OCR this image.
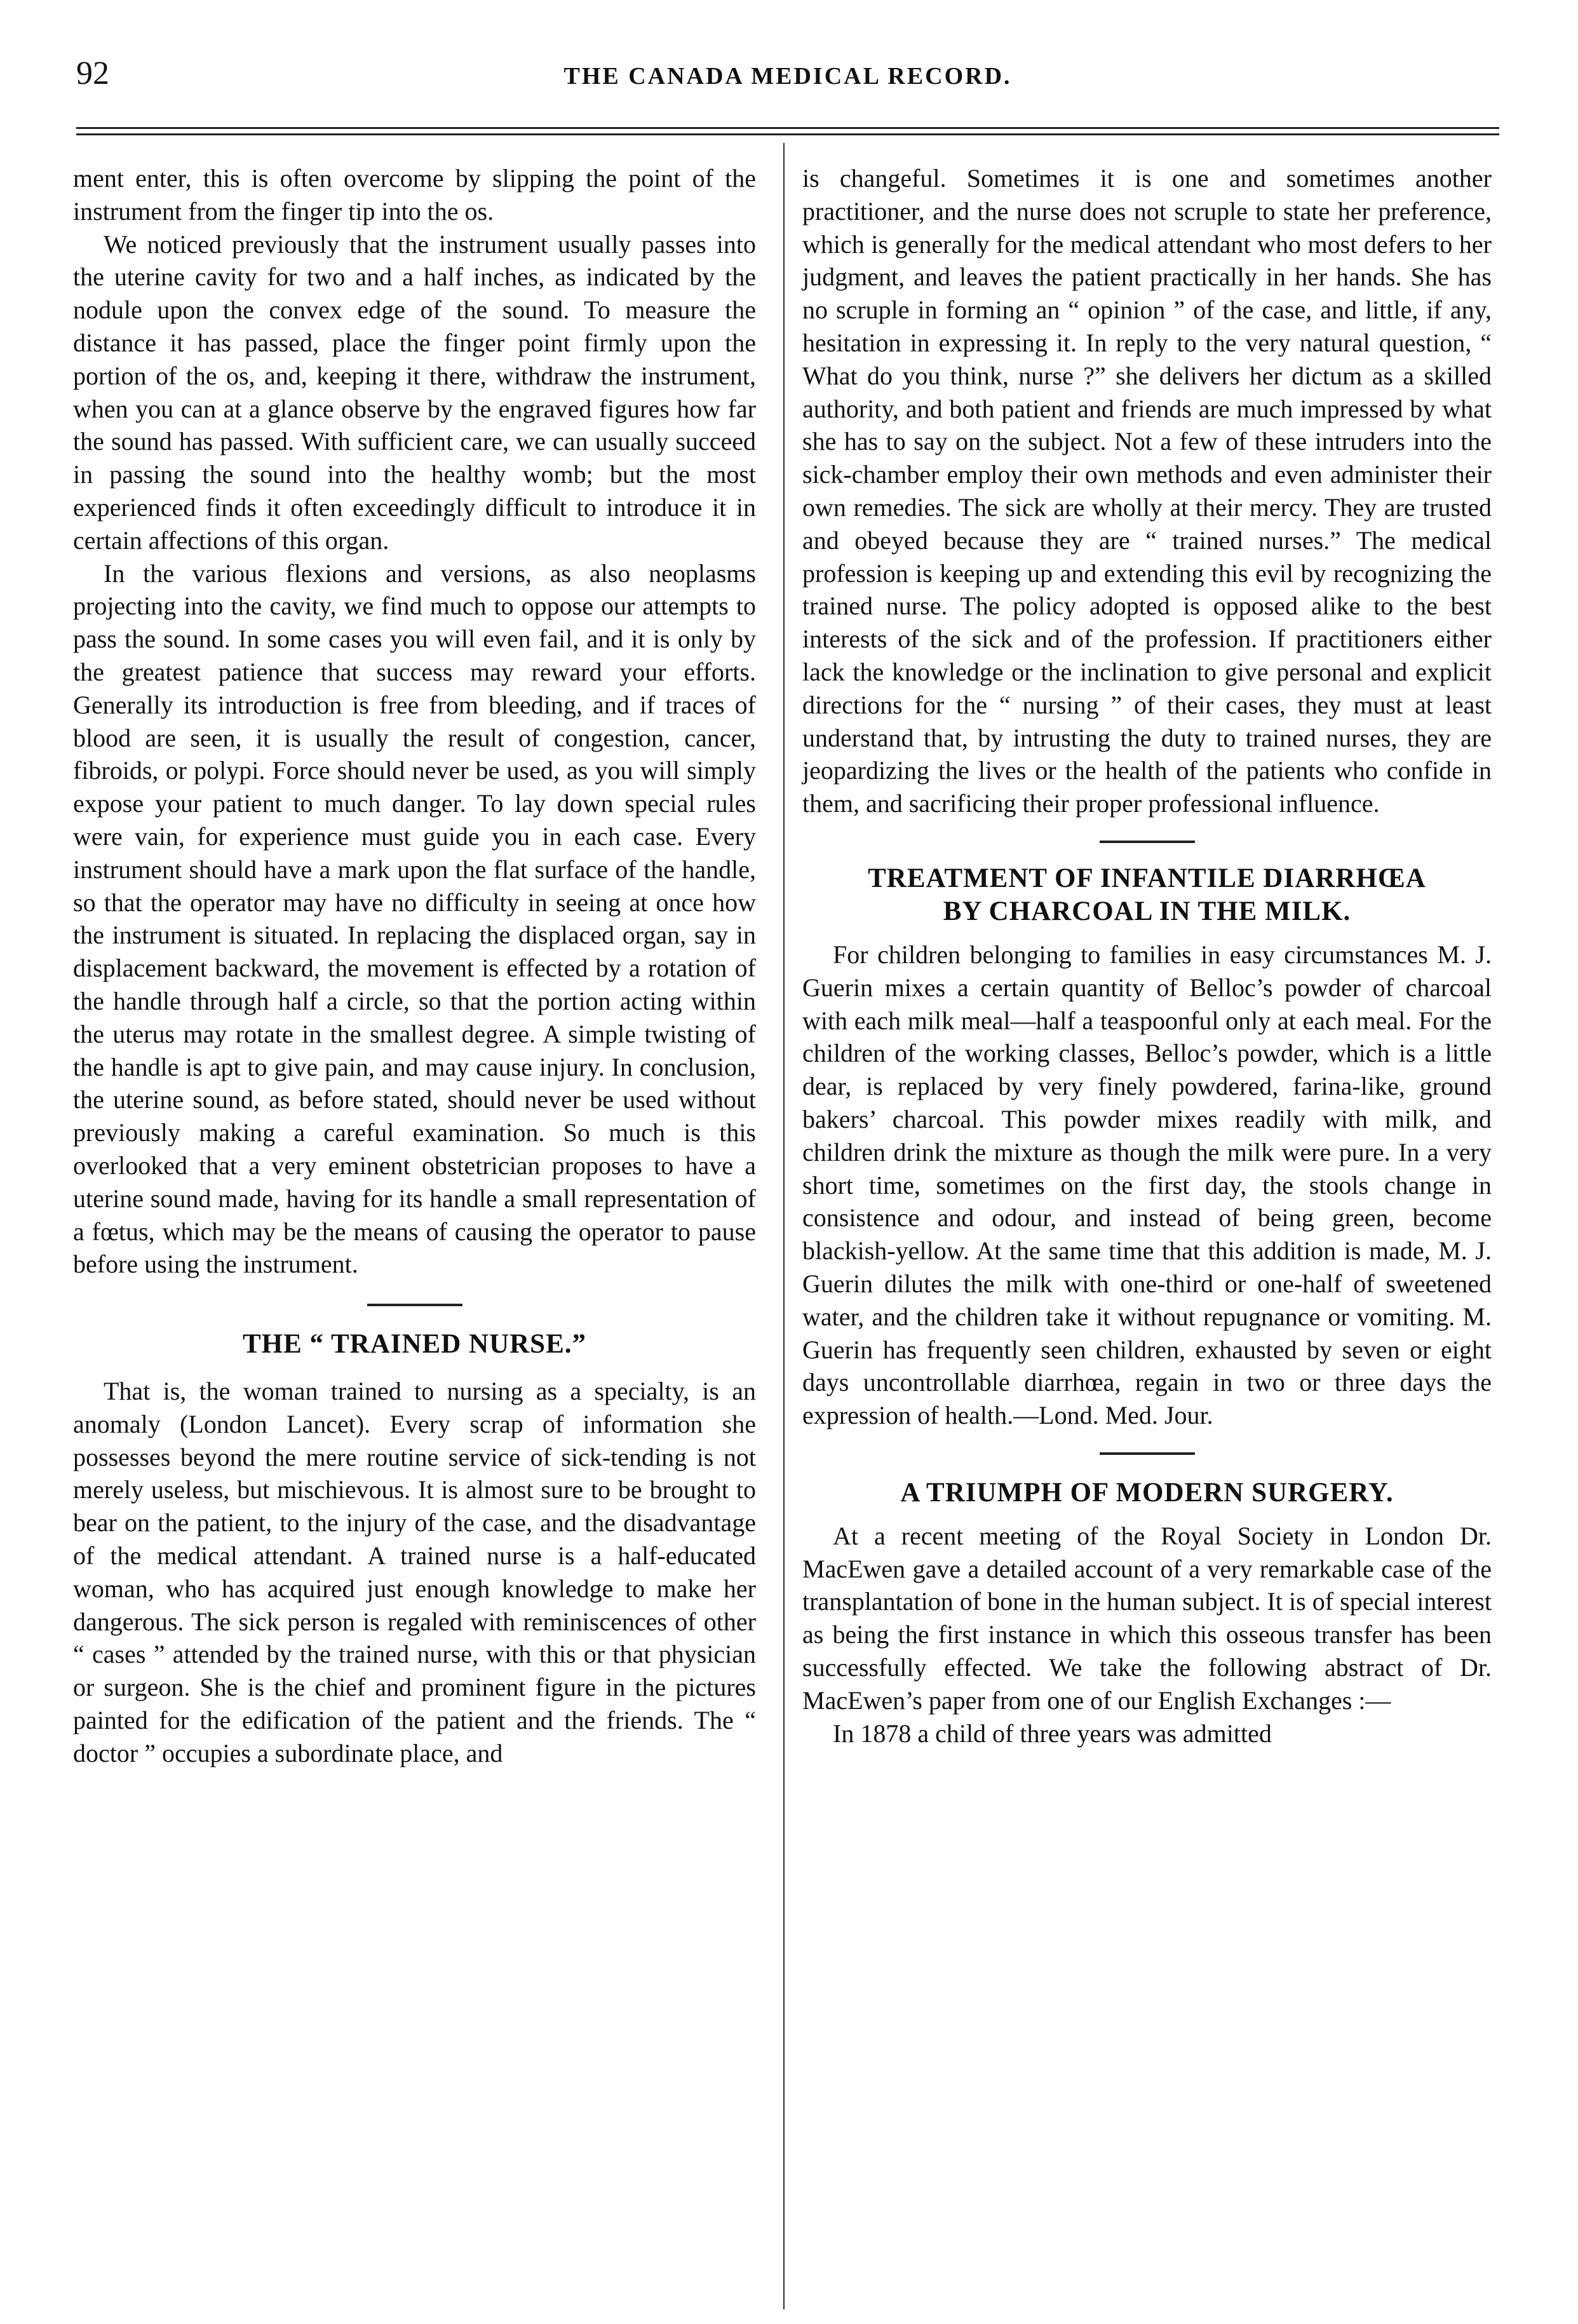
92	THE CANADA MEDICAL RECORD.

ment enter, this is often overcome by slipping the point of the instrument from the finger tip into the os.

We noticed previously that the instrument usually passes into the uterine cavity for two and a half inches, as indicated by the nodule upon the convex edge of the sound. To measure the distance it has passed, place the finger point firmly upon the portion of the os, and, keeping it there, withdraw the instrument, when you can at a glance observe by the engraved figures how far the sound has passed. With sufficient care, we can usually succeed in passing the sound into the healthy womb; but the most experienced finds it often exceedingly difficult to introduce it in certain affections of this organ.

In the various flexions and versions, as also neoplasms projecting into the cavity, we find much to oppose our attempts to pass the sound. In some cases you will even fail, and it is only by the greatest patience that success may reward your efforts. Generally its introduction is free from bleeding, and if traces of blood are seen, it is usually the result of congestion, cancer, fibroids, or polypi. Force should never be used, as you will simply expose your patient to much danger. To lay down special rules were vain, for experience must guide you in each case. Every instrument should have a mark upon the flat surface of the handle, so that the operator may have no difficulty in seeing at once how the instrument is situated. In replacing the displaced organ, say in displacement backward, the movement is effected by a rotation of the handle through half a circle, so that the portion acting within the uterus may rotate in the smallest degree. A simple twisting of the handle is apt to give pain, and may cause injury. In conclusion, the uterine sound, as before stated, should never be used without previously making a careful examination. So much is this overlooked that a very eminent obstetrician proposes to have a uterine sound made, having for its handle a small representation of a fœtus, which may be the means of causing the operator to pause before using the instrument.

THE “ TRAINED NURSE.”

That is, the woman trained to nursing as a specialty, is an anomaly (London Lancet). Every scrap of information she possesses beyond the mere routine service of sick-tending is not merely useless, but mischievous. It is almost sure to be brought to bear on the patient, to the injury of the case, and the disadvantage of the medical attendant. A trained nurse is a half-educated woman, who has acquired just enough knowledge to make her dangerous. The sick person is regaled with reminiscences of other “ cases ” attended by the trained nurse, with this or that physician or surgeon. She is the chief and prominent figure in the pictures painted for the edification of the patient and the friends. The “ doctor ” occupies a subordinate place, and

is changeful. Sometimes it is one and sometimes another practitioner, and the nurse does not scruple to state her preference, which is generally for the medical attendant who most defers to her judgment, and leaves the patient practically in her hands. She has no scruple in forming an “ opinion ” of the case, and little, if any, hesitation in expressing it. In reply to the very natural question, “ What do you think, nurse ?” she delivers her dictum as a skilled authority, and both patient and friends are much impressed by what she has to say on the subject. Not a few of these intruders into the sick-chamber employ their own methods and even administer their own remedies. The sick are wholly at their mercy. They are trusted and obeyed because they are “ trained nurses.” The medical profession is keeping up and extending this evil by recognizing the trained nurse. The policy adopted is opposed alike to the best interests of the sick and of the profession. If practitioners either lack the knowledge or the inclination to give personal and explicit directions for the “ nursing ” of their cases, they must at least understand that, by intrusting the duty to trained nurses, they are jeopardizing the lives or the health of the patients who confide in them, and sacrificing their proper professional influence.

TREATMENT OF INFANTILE DIARRHŒA
BY CHARCOAL IN THE MILK.

For children belonging to families in easy circumstances M. J. Guerin mixes a certain quantity of Belloc’s powder of charcoal with each milk meal—half a teaspoonful only at each meal. For the children of the working classes, Belloc’s powder, which is a little dear, is replaced by very finely powdered, farina-like, ground bakers’ charcoal. This powder mixes readily with milk, and children drink the mixture as though the milk were pure. In a very short time, sometimes on the first day, the stools change in consistence and odour, and instead of being green, become blackish-yellow. At the same time that this addition is made, M. J. Guerin dilutes the milk with one-third or one-half of sweetened water, and the children take it without repugnance or vomiting. M. Guerin has frequently seen children, exhausted by seven or eight days uncontrollable diarrhœa, regain in two or three days the expression of health.—Lond. Med. Jour.

A TRIUMPH OF MODERN SURGERY.

At a recent meeting of the Royal Society in London Dr. MacEwen gave a detailed account of a very remarkable case of the transplantation of bone in the human subject. It is of special interest as being the first instance in which this osseous transfer has been successfully effected. We take the following abstract of Dr. MacEwen’s paper from one of our English Exchanges :—

In 1878 a child of three years was admitted
